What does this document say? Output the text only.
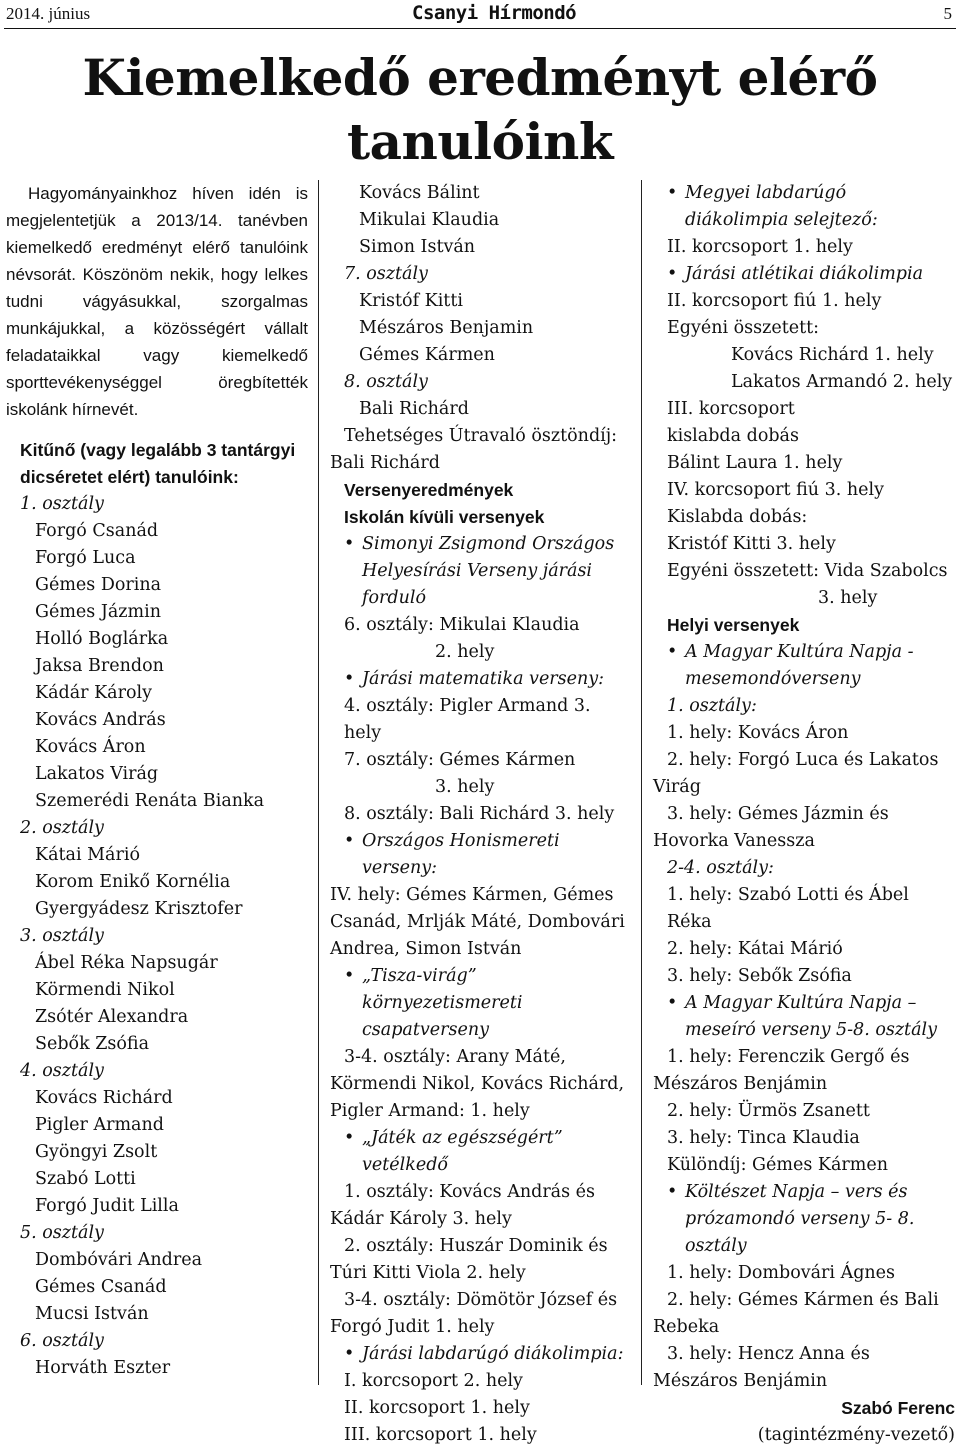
2014. június	Csanyi Hírmondó	5
Kiemelkedő eredményt elérő
tanulóink

Hagyományainkhoz híven idén is megjelentetjük a 2013/14. tanévben kiemelkedő eredményt elérő tanulóink névsorát. Köszönöm nekik, hogy lelkes tudni vágyásukkal, szorgalmas munkájukkal, a közösségért vállalt feladataikkal vagy kiemelkedő sporttevékenységgel öregbítették iskolánk hírnevét.

Kitűnő (vagy legalább 3 tantárgyi dicséretet elért) tanulóink:

1. osztály

Forgó Csanád

Forgó Luca

Gémes Dorina

Gémes Jázmin

Holló Boglárka

Jaksa Brendon

Kádár Károly

Kovács András

Kovács Áron

Lakatos Virág

Szemerédi Renáta Bianka

2. osztály

Kátai Márió

Korom Enikő Kornélia

Gyergyádesz Krisztofer

3. osztály

Ábel Réka Napsugár

Körmendi Nikol

Zsótér Alexandra

Sebők Zsófia

4. osztály

Kovács Richárd

Pigler Armand

Gyöngyi Zsolt

Szabó Lotti

Forgó Judit Lilla

5. osztály

Dombóvári Andrea

Gémes Csanád

Mucsi István

6. osztály

Horváth Eszter

Kovács Bálint

Mikulai Klaudia

Simon István

7. osztály

Kristóf Kitti

Mészáros Benjamin

Gémes Kármen

8. osztály

Bali Richárd

Tehetséges Útravaló ösztöndíj:

Bali Richárd

Versenyeredmények

Iskolán kívüli versenyek

• Simonyi Zsigmond Országos Helyesírási Verseny járási forduló

6. osztály: Mikulai Klaudia

2. hely

• Járási matematika verseny:

4. osztály: Pigler Armand 3. hely

7. osztály: Gémes Kármen

3. hely

8. osztály: Bali Richárd 3. hely

• Országos Honismereti verseny:

IV. hely: Gémes Kármen, Gémes Csanád, Mrlják Máté, Dombovári Andrea, Simon István

• „Tisza-virág” környezetismereti csapatverseny

3-4. osztály: Arany Máté, Körmendi Nikol, Kovács Richárd, Pigler Armand: 1. hely

• „Játék az egészségért” vetélkedő

1. osztály: Kovács András és Kádár Károly 3. hely

2. osztály: Huszár Dominik és Túri Kitti Viola 2. hely

3-4. osztály: Dömötör József és Forgó Judit 1. hely

• Járási labdarúgó diákolimpia:

I. korcsoport 2. hely

II. korcsoport 1. hely

III. korcsoport 1. hely

• Megyei labdarúgó diákolimpia selejtező:

II. korcsoport 1. hely

• Járási atlétikai diákolimpia

II. korcsoport fiú 1. hely

Egyéni összetett:

Kovács Richárd 1. hely

Lakatos Armandó 2. hely

III. korcsoport

kislabda dobás

Bálint Laura 1. hely

IV. korcsoport fiú 3. hely

Kislabda dobás:

Kristóf Kitti 3. hely

Egyéni összetett: Vida Szabolcs

3. hely

Helyi versenyek

• A Magyar Kultúra Napja - mesemondóverseny

1. osztály:

1. hely: Kovács Áron

2. hely: Forgó Luca és Lakatos Virág

3. hely: Gémes Jázmin és Hovorka Vanessza

2-4. osztály:

1. hely: Szabó Lotti és Ábel Réka

2. hely: Kátai Márió

3. hely: Sebők Zsófia

• A Magyar Kultúra Napja – meseíró verseny 5-8. osztály

1. hely: Ferenczik Gergő és Mészáros Benjámin

2. hely: Ürmös Zsanett

3. hely: Tinca Klaudia

Különdíj: Gémes Kármen

• Költészet Napja – vers és prózamondó verseny 5- 8. osztály

1. hely: Dombovári Ágnes

2. hely: Gémes Kármen és Bali Rebeka

3. hely: Hencz Anna és Mészáros Benjámin

Szabó Ferenc

(tagintézmény-vezető)
